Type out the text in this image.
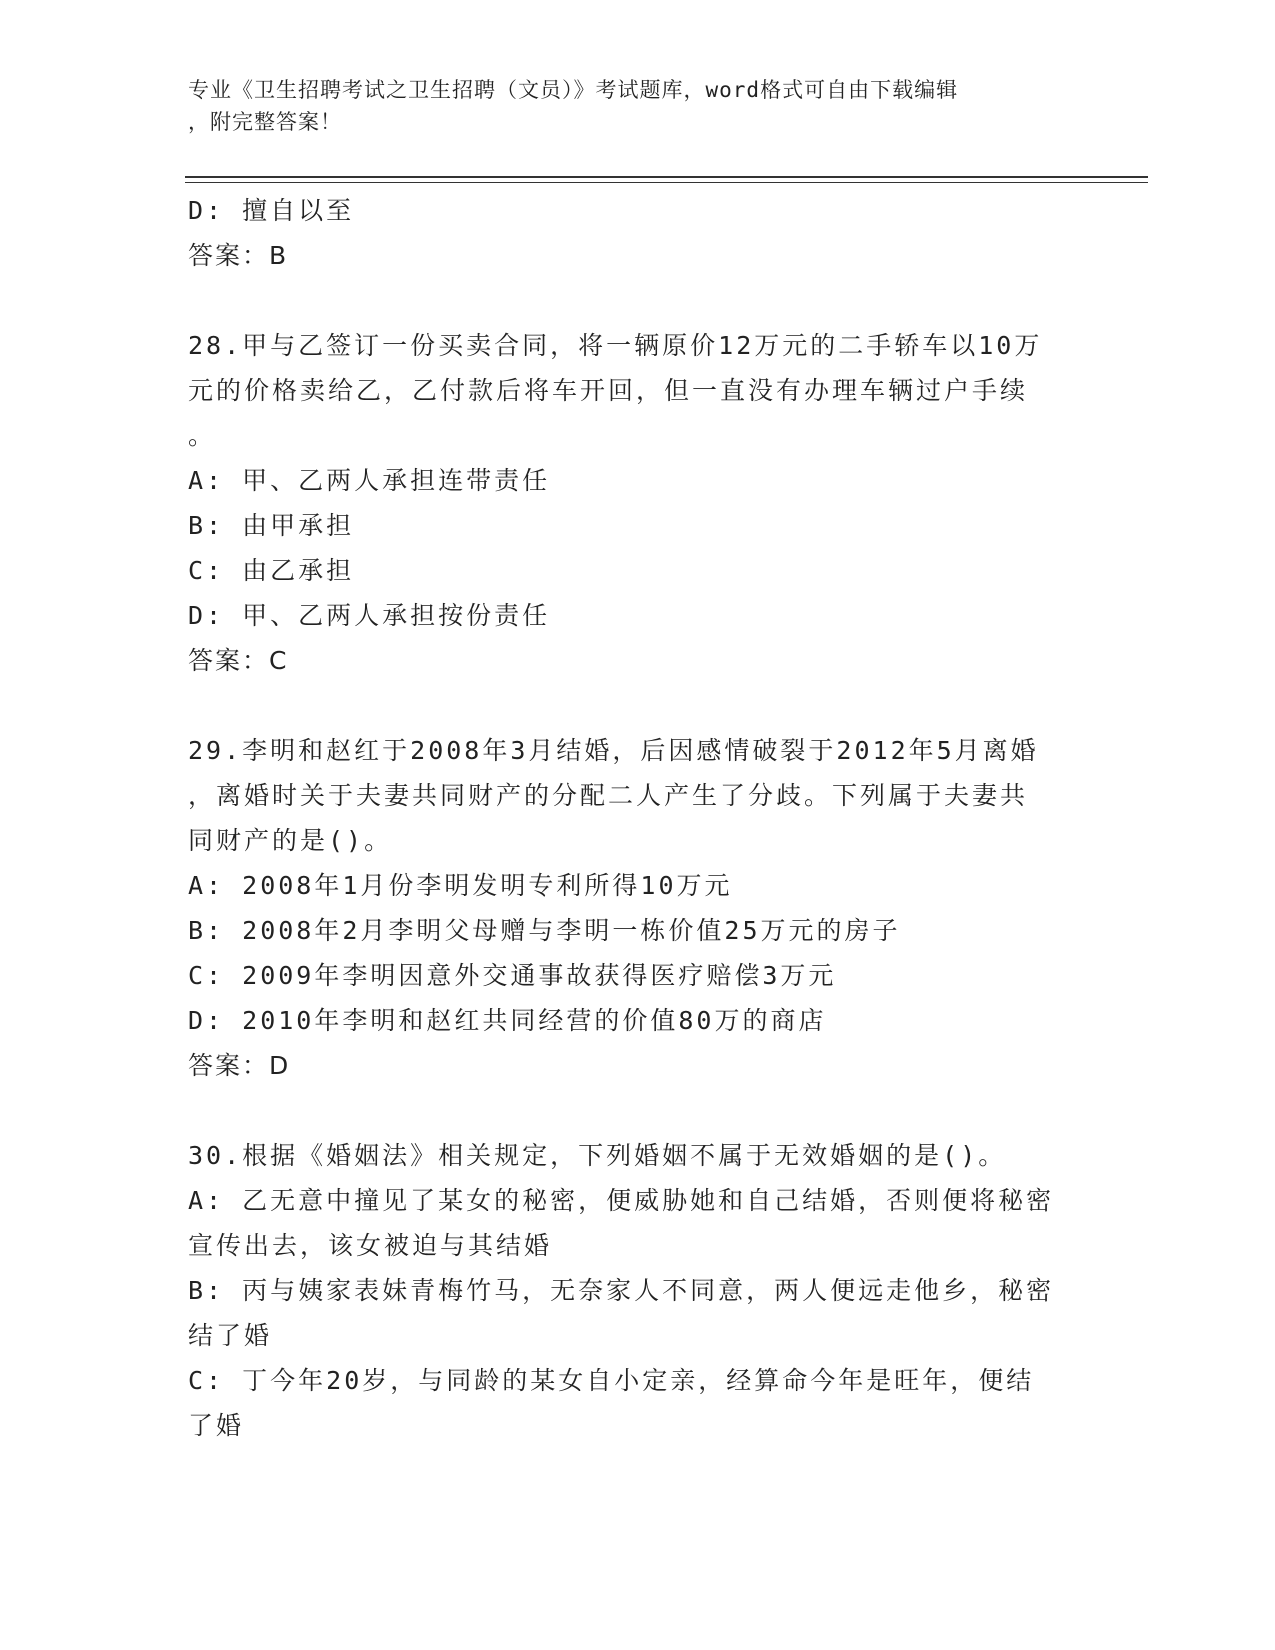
专业《卫生招聘考试之卫生招聘（文员）》考试题库，word格式可自由下载编辑
，附完整答案！
D: 擅自以至
答案：B
28.甲与乙签订一份买卖合同，将一辆原价12万元的二手轿车以10万
元的价格卖给乙，乙付款后将车开回，但一直没有办理车辆过户手续
。
A: 甲、乙两人承担连带责任
B: 由甲承担
C: 由乙承担
D: 甲、乙两人承担按份责任
答案：C
29.李明和赵红于2008年3月结婚，后因感情破裂于2012年5月离婚
，离婚时关于夫妻共同财产的分配二人产生了分歧。下列属于夫妻共
同财产的是()。
A: 2008年1月份李明发明专利所得10万元
B: 2008年2月李明父母赠与李明一栋价值25万元的房子
C: 2009年李明因意外交通事故获得医疗赔偿3万元
D: 2010年李明和赵红共同经营的价值80万的商店
答案：D
30.根据《婚姻法》相关规定，下列婚姻不属于无效婚姻的是()。
A: 乙无意中撞见了某女的秘密，便威胁她和自己结婚，否则便将秘密
宣传出去，该女被迫与其结婚
B: 丙与姨家表妹青梅竹马，无奈家人不同意，两人便远走他乡，秘密
结了婚
C: 丁今年20岁，与同龄的某女自小定亲，经算命今年是旺年，便结
了婚
